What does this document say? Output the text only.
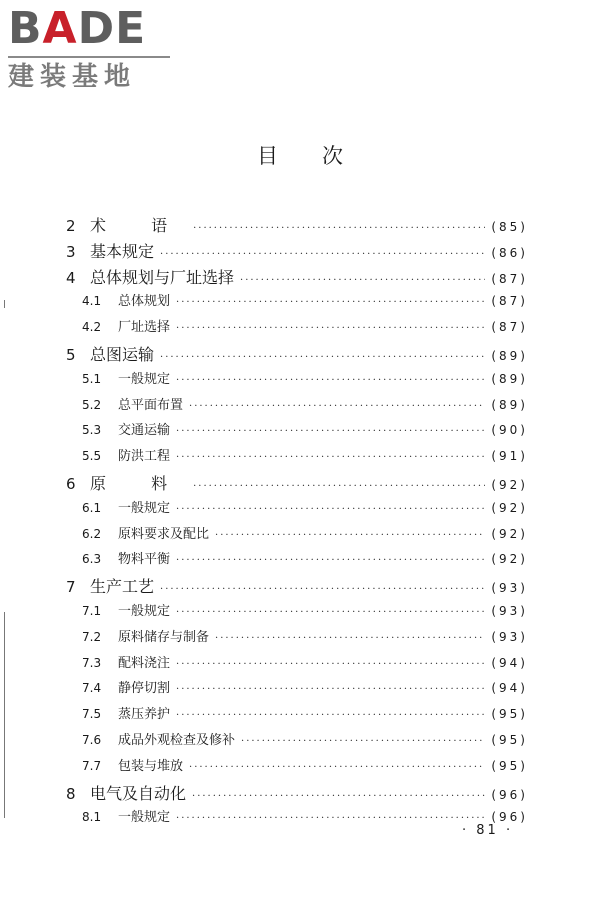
BADE
建装基地
目 次
2 术 语 ·····	(85)
3 基本规定 ·····	(86)
4 总体规划与厂址选择 ·····	(87)
4.1	总体规划 ·····	(87)
4.2	厂址选择 ·····	(87)
5 总图运输 ·····	(89)
5.1	一般规定 ·····	(89)
5.2	总平面布置 ·····	(89)
5.3	交通运输 ·····	(90)
5.5	防洪工程 ·····	(91)
6 原 料 ·····	(92)
6.1	一般规定 ·····	(92)
6.2	原料要求及配比 ·····	(92)
6.3	物料平衡 ·····	(92)
7 生产工艺 ·····	(93)
7.1	一般规定 ·····	(93)
7.2	原料储存与制备 ·····	(93)
7.3	配料浇注 ·····	(94)
7.4	静停切割 ·····	(94)
7.5	蒸压养护 ·····	(95)
7.6	成品外观检查及修补 ·····	(95)
7.7	包装与堆放 ·····	(95)
8 电气及自动化 ·····	(96)
8.1	一般规定 ·····	(96)
· 81 ·
